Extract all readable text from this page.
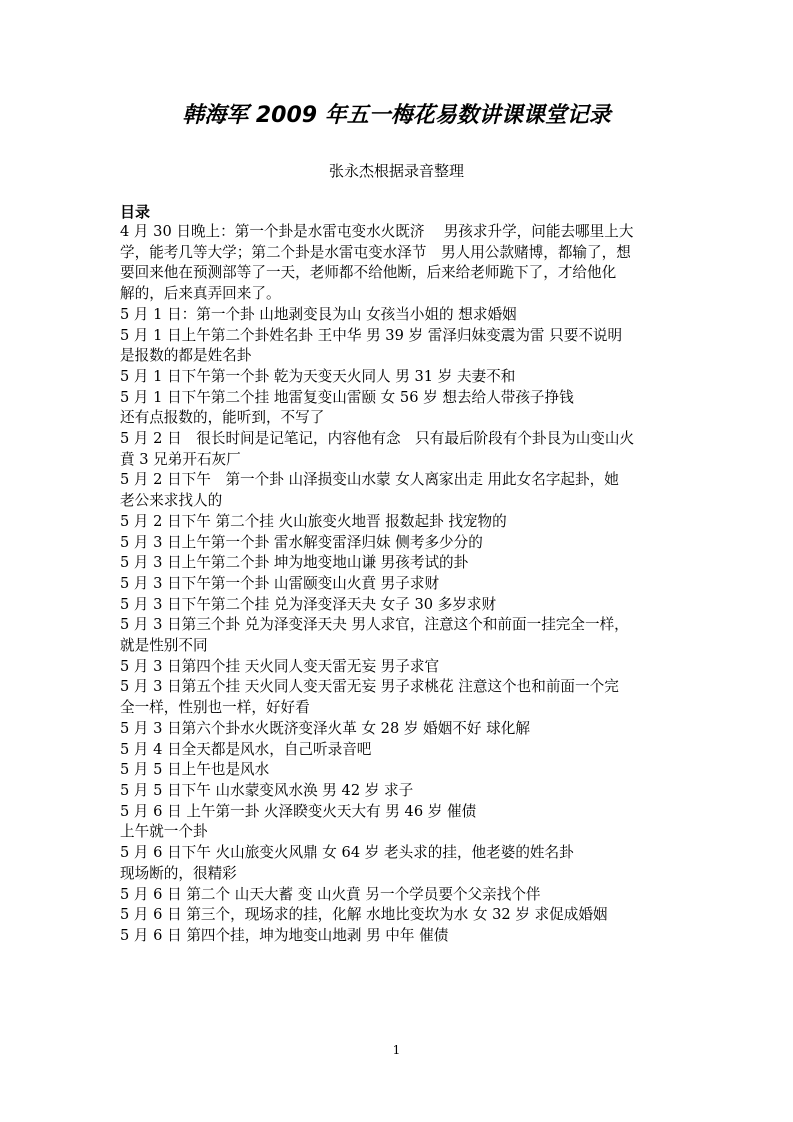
韩海军 2009 年五一梅花易数讲课课堂记录
张永杰根据录音整理
目录
4 月 30 日晚上：第一个卦是水雷屯变水火既济　 男孩求升学，问能去哪里上大
学，能考几等大学；第二个卦是水雷屯变水泽节　男人用公款赌博，都输了，想
要回来他在预测部等了一天，老师都不给他断，后来给老师跪下了，才给他化
解的，后来真弄回来了。
5 月 1 日：第一个卦 山地剥变艮为山 女孩当小姐的 想求婚姻
5 月 1 日上午第二个卦姓名卦 王中华 男 39 岁 雷泽归妹变震为雷 只要不说明
是报数的都是姓名卦
5 月 1 日下午第一个卦 乾为天变天火同人 男 31 岁 夫妻不和
5 月 1 日下午第二个挂 地雷复变山雷颐 女 56 岁 想去给人带孩子挣钱
还有点报数的，能听到，不写了
5 月 2 日　很长时间是记笔记，内容他有念　只有最后阶段有个卦艮为山变山火
賁 3 兄弟开石灰厂
5 月 2 日下午　第一个卦 山泽损变山水蒙 女人离家出走 用此女名字起卦，她
老公来求找人的
5 月 2 日下午 第二个挂 火山旅变火地晋 报数起卦 找宠物的
5 月 3 日上午第一个卦 雷水解变雷泽归妹 侧考多少分的
5 月 3 日上午第二个卦 坤为地变地山谦 男孩考试的卦
5 月 3 日下午第一个卦 山雷颐变山火賁 男子求财
5 月 3 日下午第二个挂 兑为泽变泽天夬 女子 30 多岁求财
5 月 3 日第三个卦 兑为泽变泽天夬 男人求官，注意这个和前面一挂完全一样，
就是性别不同
5 月 3 日第四个挂 天火同人变天雷无妄 男子求官
5 月 3 日第五个挂 天火同人变天雷无妄 男子求桃花 注意这个也和前面一个完
全一样，性别也一样，好好看
5 月 3 日第六个卦水火既济变泽火革 女 28 岁 婚姻不好 球化解
5 月 4 日全天都是风水，自己听录音吧
5 月 5 日上午也是风水
5 月 5 日下午 山水蒙变风水涣 男 42 岁 求子
5 月 6 日 上午第一卦 火泽睽变火天大有 男 46 岁 催债
上午就一个卦
5 月 6 日下午 火山旅变火风鼎 女 64 岁 老头求的挂，他老婆的姓名卦
现场断的，很精彩
5 月 6 日 第二个 山天大蓄 变 山火賁 另一个学员要个父亲找个伴
5 月 6 日 第三个，现场求的挂，化解 水地比变坎为水 女 32 岁 求促成婚姻
5 月 6 日 第四个挂，坤为地变山地剥 男 中年 催债
1
